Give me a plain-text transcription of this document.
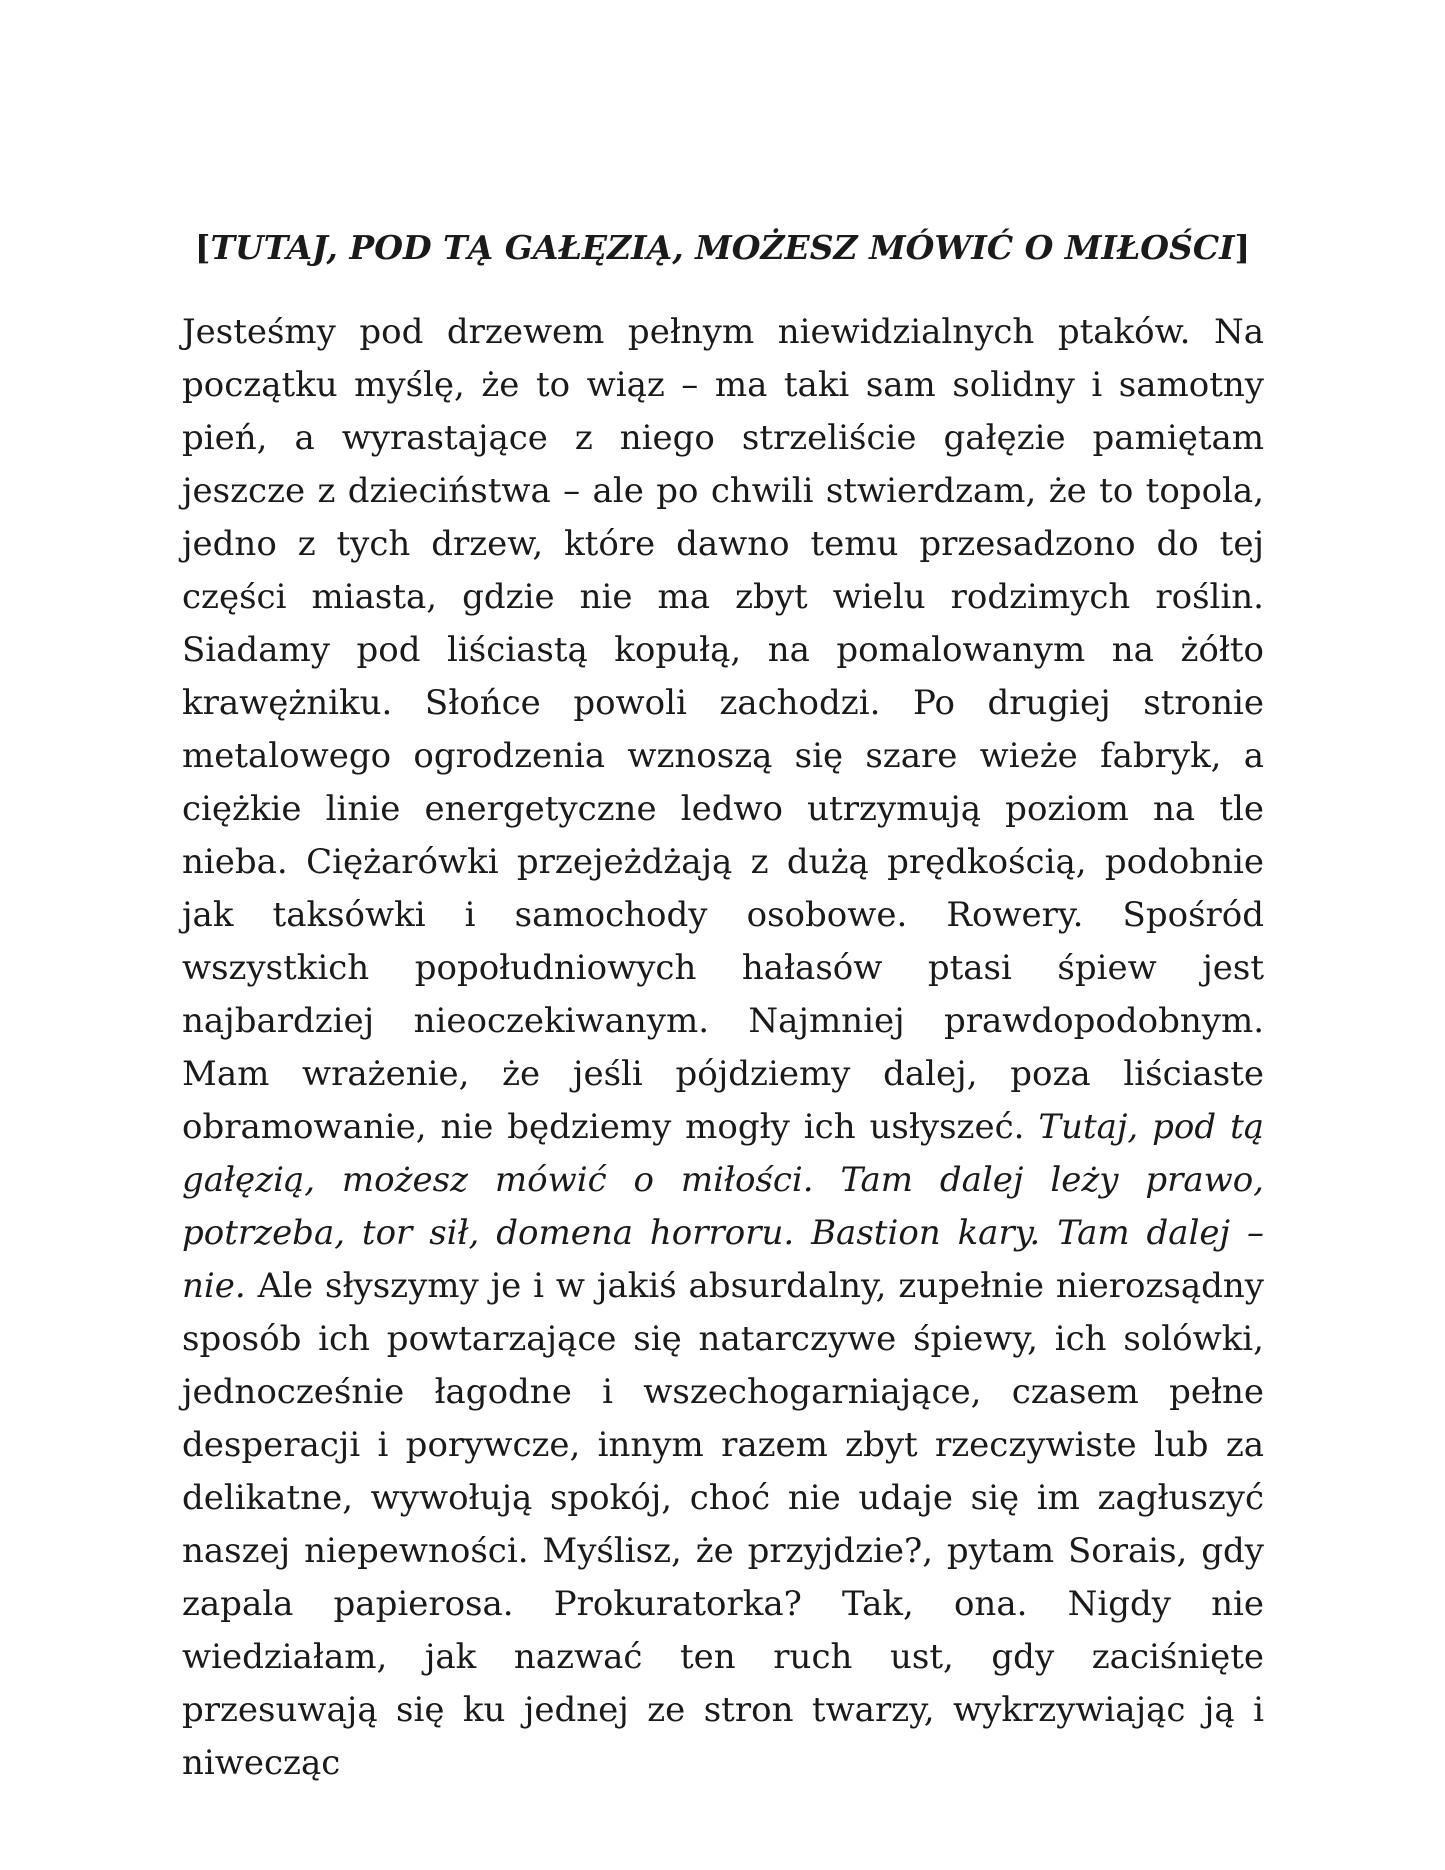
[TUTAJ, POD TĄ GAŁĘZIĄ, MOŻESZ MÓWIĆ O MIŁOŚCI]

Jesteśmy pod drzewem pełnym niewidzialnych ptaków. Na początku myślę, że to wiąz – ma taki sam solidny i samotny pień, a wyrastające z niego strzeliście gałęzie pamiętam jeszcze z dzieciństwa – ale po chwili stwierdzam, że to topola, jedno z tych drzew, które dawno temu przesadzono do tej części miasta, gdzie nie ma zbyt wielu rodzimych roślin. Siadamy pod liściastą kopułą, na pomalowanym na żółto krawężniku. Słońce powoli zachodzi. Po drugiej stronie metalowego ogrodzenia wznoszą się szare wieże fabryk, a ciężkie linie energetyczne ledwo utrzymują poziom na tle nieba. Ciężarówki przejeżdżają z dużą prędkością, podobnie jak taksówki i samochody osobowe. Rowery. Spośród wszystkich popołudniowych hałasów ptasi śpiew jest najbardziej nieoczekiwanym. Najmniej prawdopodobnym. Mam wrażenie, że jeśli pójdziemy dalej, poza liściaste obramowanie, nie będziemy mogły ich usłyszeć. Tutaj, pod tą gałęzią, możesz mówić o miłości. Tam dalej leży prawo, potrzeba, tor sił, domena horroru. Bastion kary. Tam dalej – nie. Ale słyszymy je i w jakiś absurdalny, zupełnie nierozsądny sposób ich powtarzające się natarczywe śpiewy, ich solówki, jednocześnie łagodne i wszechogarniające, czasem pełne desperacji i porywcze, innym razem zbyt rzeczywiste lub za delikatne, wywołują spokój, choć nie udaje się im zagłuszyć naszej niepewności. Myślisz, że przyjdzie?, pytam Sorais, gdy zapala papierosa. Prokuratorka? Tak, ona. Nigdy nie wiedziałam, jak nazwać ten ruch ust, gdy zaciśnięte przesuwają się ku jednej ze stron twarzy, wykrzywiając ją i niwecząc
